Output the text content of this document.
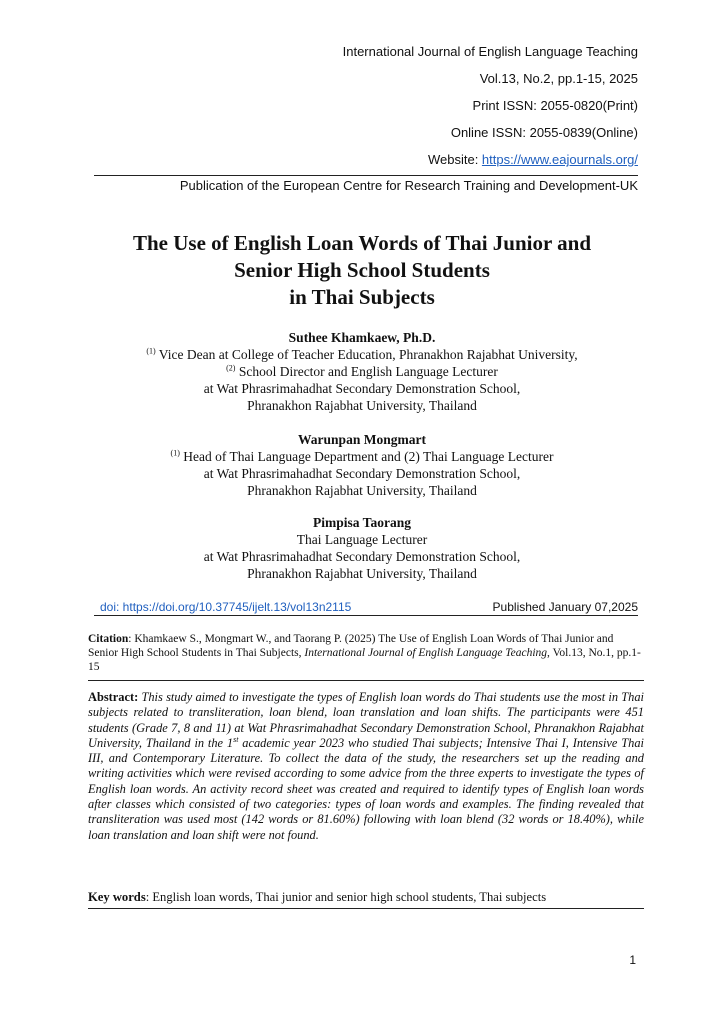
International Journal of English Language Teaching
Vol.13, No.2, pp.1-15, 2025
Print ISSN: 2055-0820(Print)
Online ISSN: 2055-0839(Online)
Website: https://www.eajournals.org/
Publication of the European Centre for Research Training and Development-UK
The Use of English Loan Words of Thai Junior and
Senior High School Students
in Thai Subjects
Suthee Khamkaew, Ph.D.
$^{(1)}$ Vice Dean at College of Teacher Education, Phranakhon Rajabhat University,
$^{(2)}$ School Director and English Language Lecturer
at Wat Phrasrimahadhat Secondary Demonstration School,
Phranakhon Rajabhat University, Thailand
Warunpan Mongmart
$^{(1)}$ Head of Thai Language Department and (2) Thai Language Lecturer
at Wat Phrasrimahadhat Secondary Demonstration School,
Phranakhon Rajabhat University, Thailand
Pimpisa Taorang
Thai Language Lecturer
at Wat Phrasrimahadhat Secondary Demonstration School,
Phranakhon Rajabhat University, Thailand
doi: https://doi.org/10.37745/ijelt.13/vol13n2115	Published January 07,2025
Citation: Khamkaew S., Mongmart W., and Taorang P. (2025) The Use of English Loan Words of Thai Junior and Senior High School Students in Thai Subjects, International Journal of English Language Teaching, Vol.13, No.1, pp.1-15
Abstract: This study aimed to investigate the types of English loan words do Thai students use the most in Thai subjects related to transliteration, loan blend, loan translation and loan shifts. The participants were 451 students (Grade 7, 8 and 11) at Wat Phrasrimahadhat Secondary Demonstration School, Phranakhon Rajabhat University, Thailand in the 1st academic year 2023 who studied Thai subjects; Intensive Thai I, Intensive Thai III, and Contemporary Literature. To collect the data of the study, the researchers set up the reading and writing activities which were revised according to some advice from the three experts to investigate the types of English loan words. An activity record sheet was created and required to identify types of English loan words after classes which consisted of two categories: types of loan words and examples. The finding revealed that transliteration was used most (142 words or 81.60%) following with loan blend (32 words or 18.40%), while loan translation and loan shift were not found.
Key words: English loan words, Thai junior and senior high school students, Thai subjects
1
